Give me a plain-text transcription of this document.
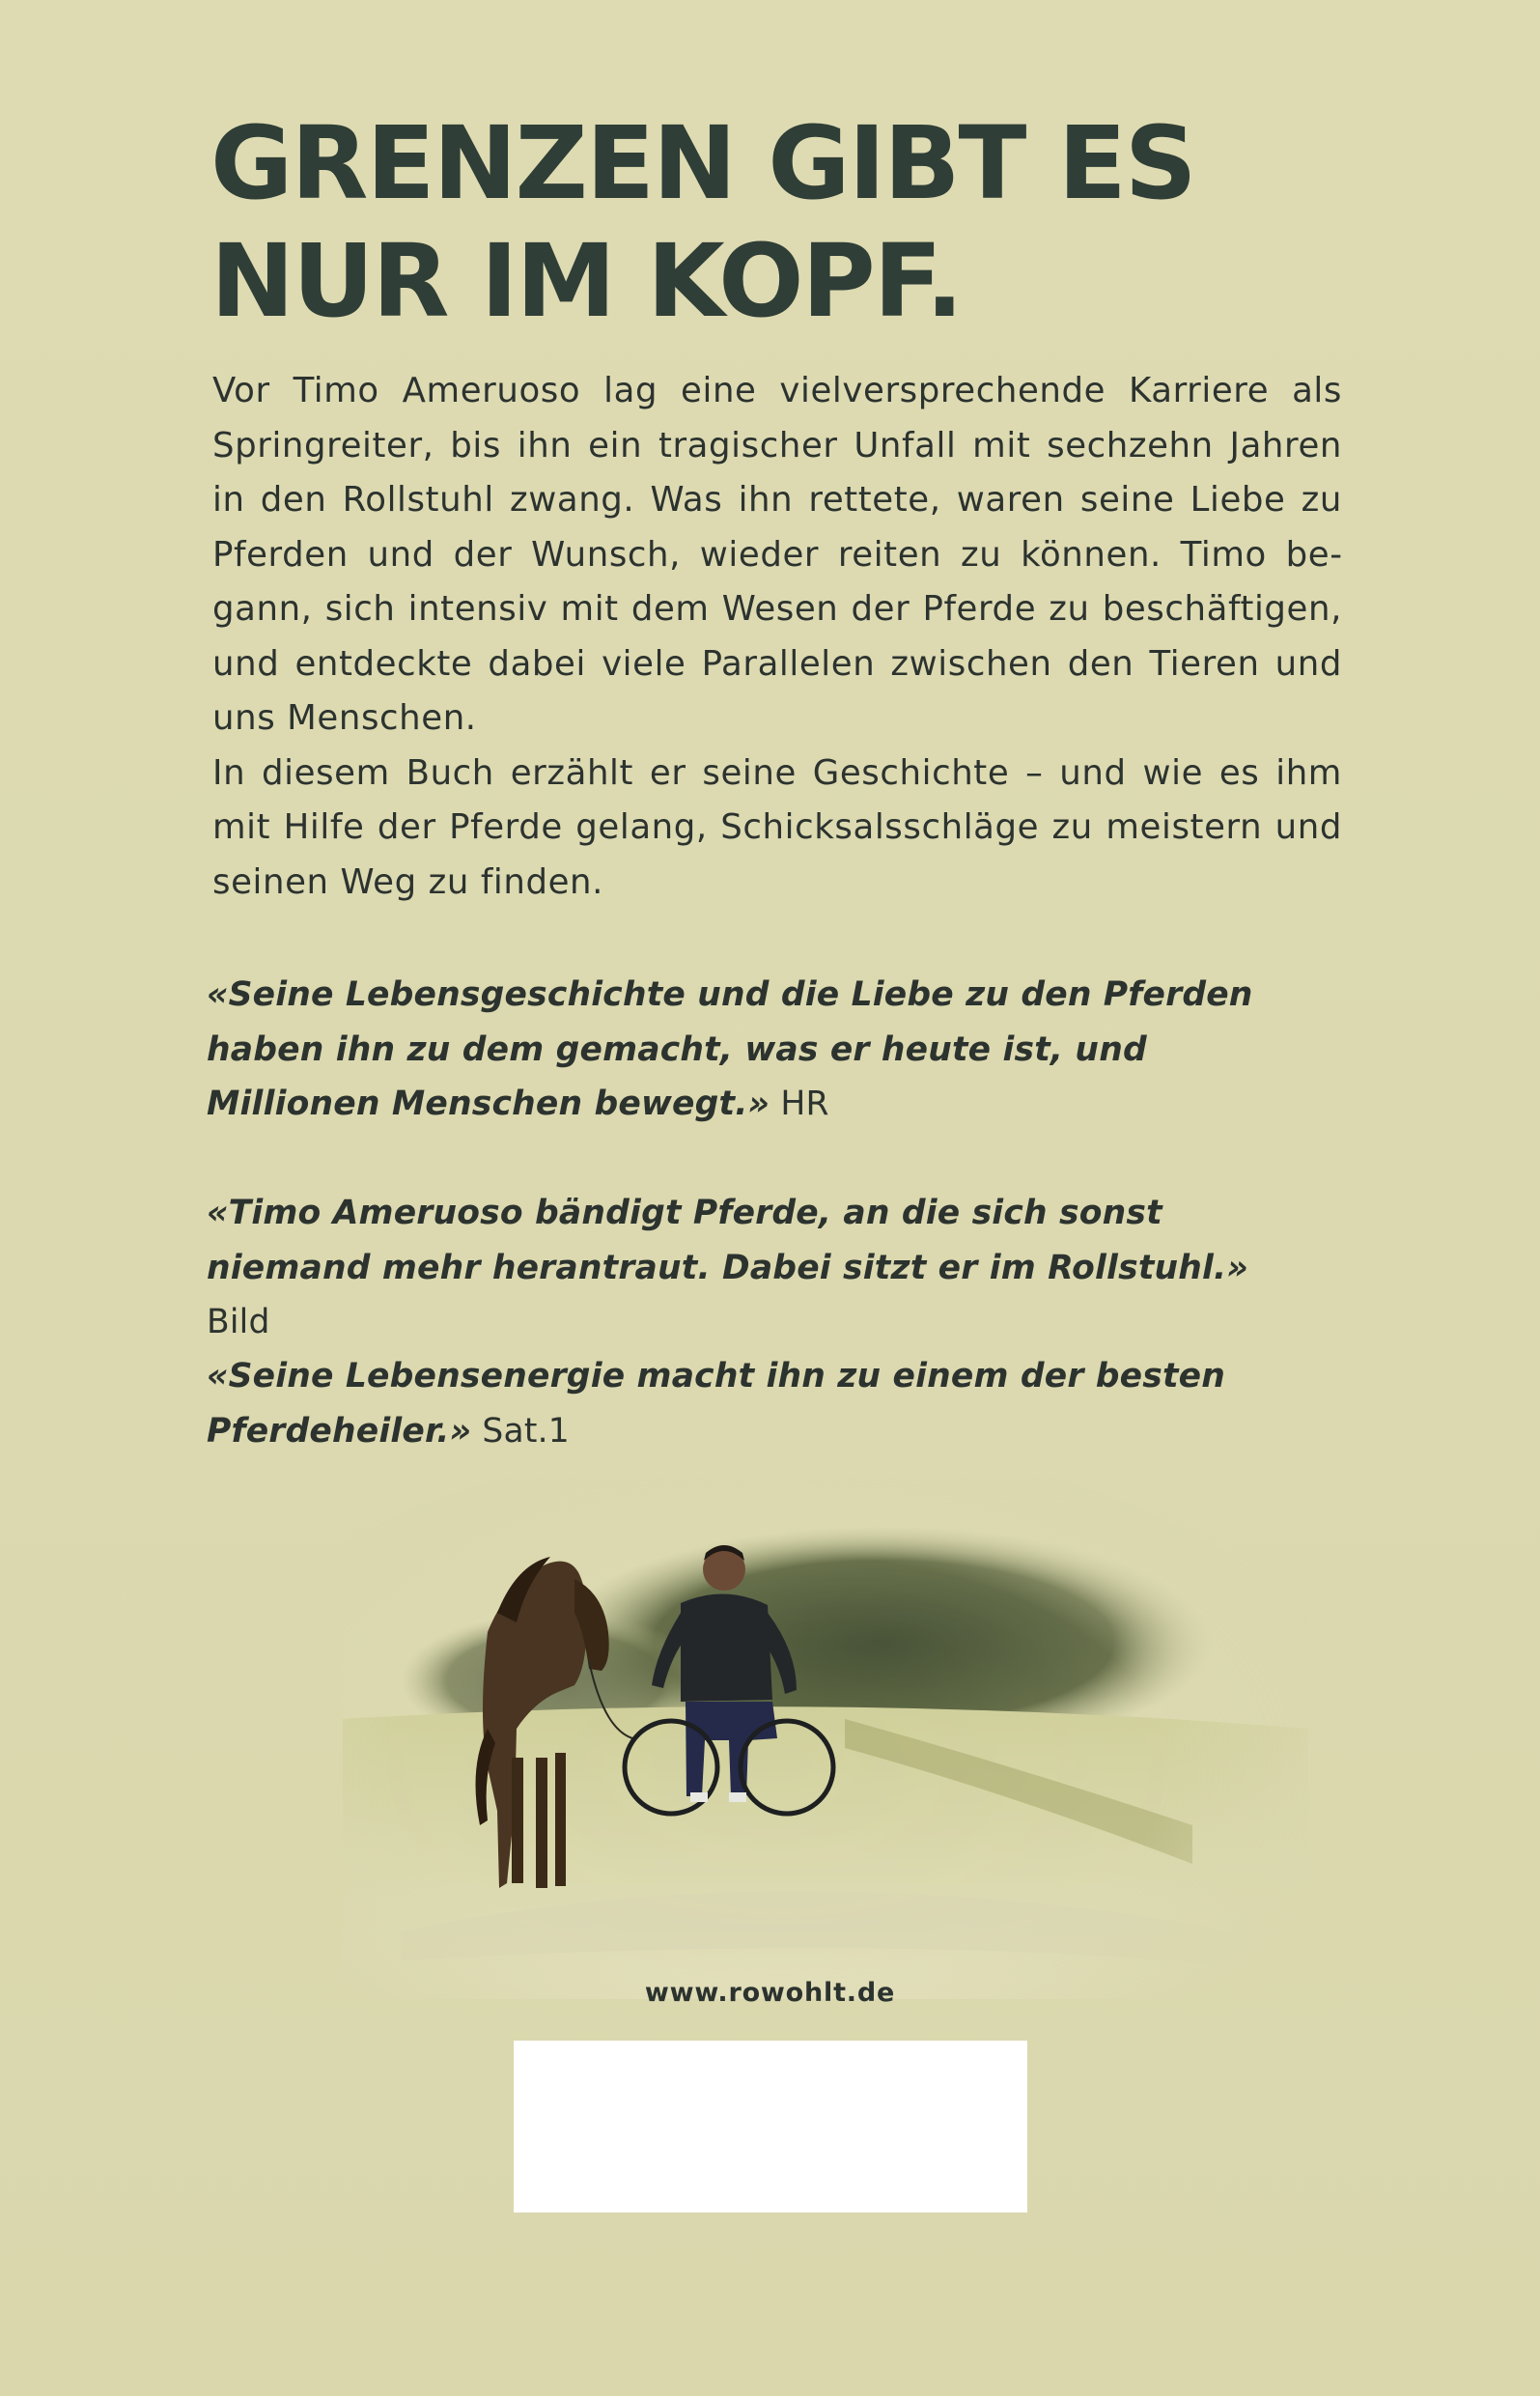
GRENZEN GIBT ES
NUR IM KOPF.

Vor Timo Ameruoso lag eine vielversprechende Karriere als Springreiter, bis ihn ein tragischer Unfall mit sechzehn Jahren in den Rollstuhl zwang. Was ihn rettete, waren seine Liebe zu Pferden und der Wunsch, wieder reiten zu können. Timo begann, sich intensiv mit dem Wesen der Pferde zu beschäftigen, und entdeckte dabei viele Parallelen zwischen den Tieren und uns Menschen.

In diesem Buch erzählt er seine Geschichte – und wie es ihm mit Hilfe der Pferde gelang, Schicksalsschläge zu meistern und seinen Weg zu finden.

«Seine Lebensgeschichte und die Liebe zu den Pferden haben ihn zu dem gemacht, was er heute ist, und Millionen Menschen bewegt.» HR
«Timo Ameruoso bändigt Pferde, an die sich sonst niemand mehr herantraut. Dabei sitzt er im Rollstuhl.» Bild
«Seine Lebensenergie macht ihn zu einem der besten Pferdeheiler.» Sat.1
www.rowohlt.de
